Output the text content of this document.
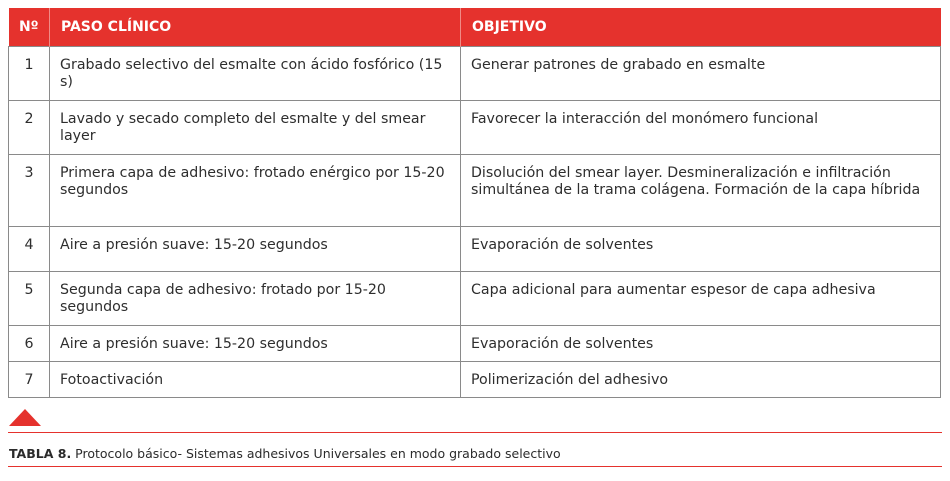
Nº	PASO CLÍNICO	OBJETIVO
1	Grabado selectivo del esmalte con ácido fosfórico (15 s)	Generar patrones de grabado en esmalte
2	Lavado y secado completo del esmalte y del smear layer	Favorecer la interacción del monómero funcional
3	Primera capa de adhesivo: frotado enérgico por 15-20 segundos	Disolución del smear layer. Desmineralización e infiltración simultánea de la trama colágena. Formación de la capa híbrida
4	Aire a presión suave: 15-20 segundos	Evaporación de solventes
5	Segunda capa de adhesivo: frotado por 15-20 segundos	Capa adicional para aumentar espesor de capa adhesiva
6	Aire a presión suave: 15-20 segundos	Evaporación de solventes
7	Fotoactivación	Polimerización del adhesivo
TABLA 8. Protocolo básico- Sistemas adhesivos Universales en modo grabado selectivo
